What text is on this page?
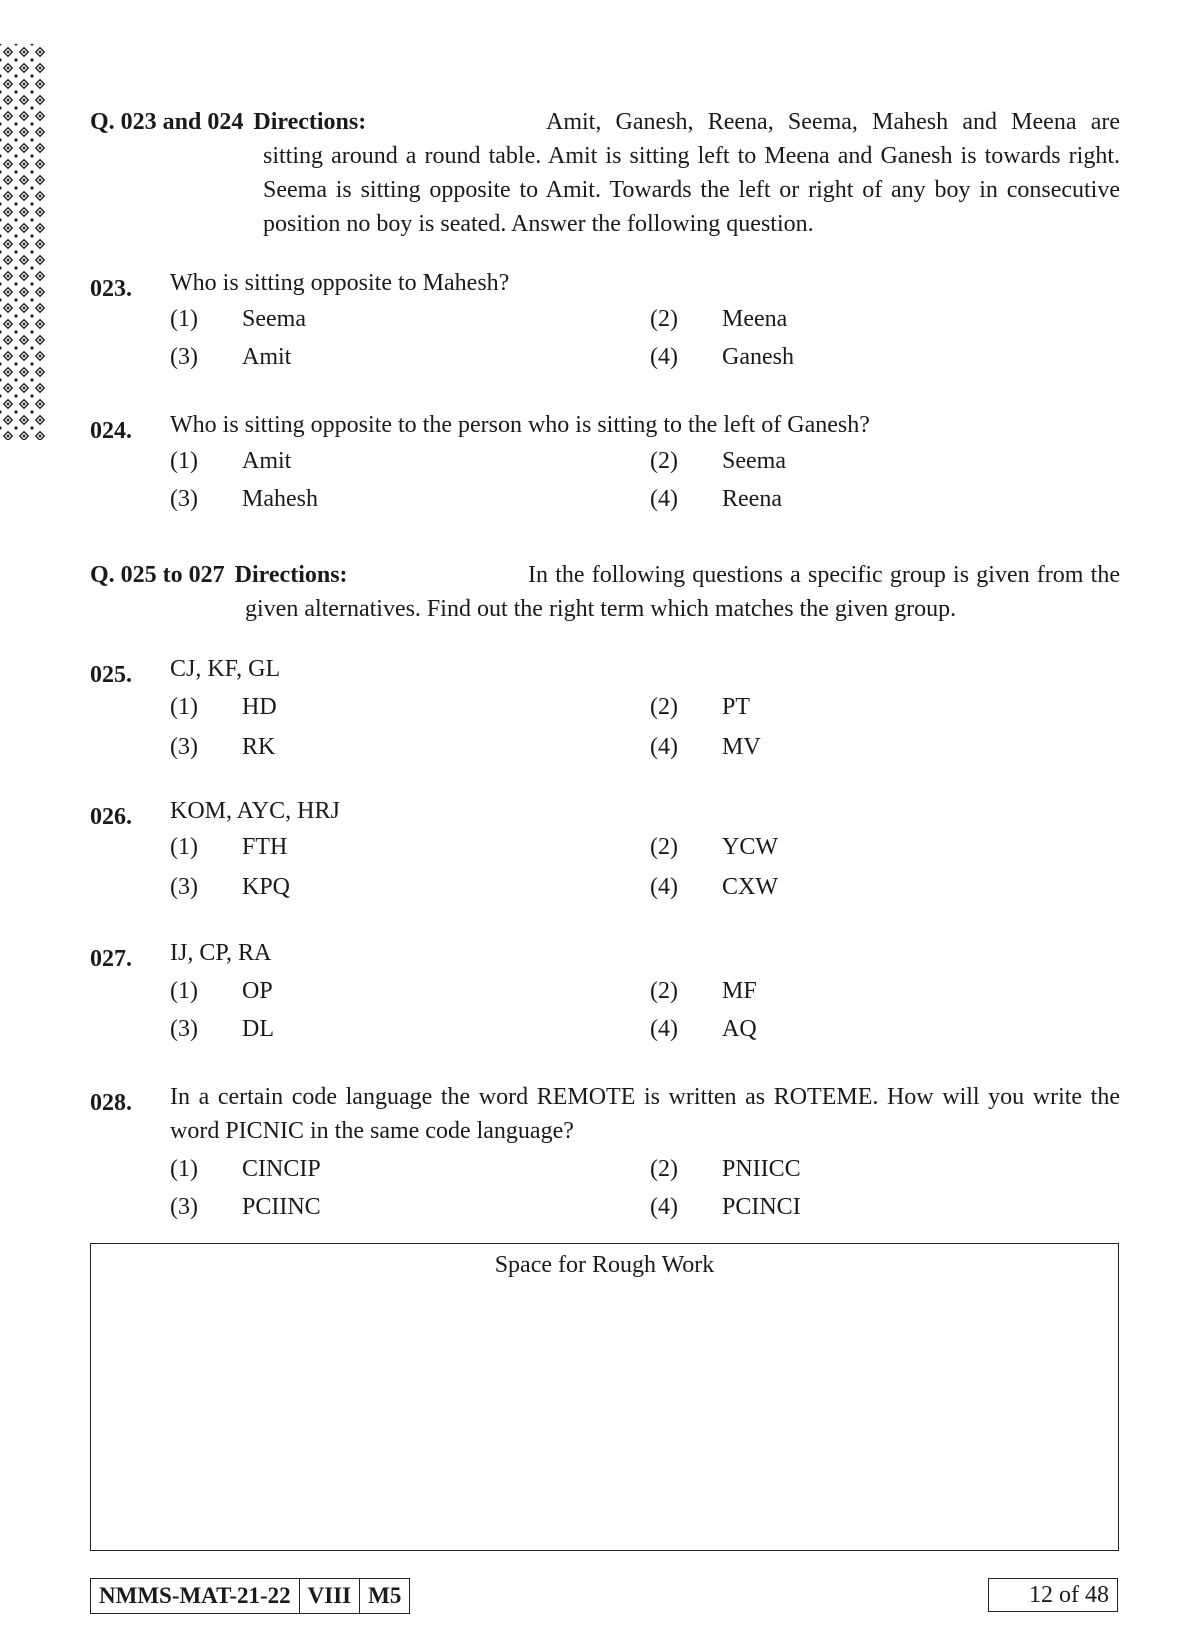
Q. 023 and 024 Directions:	Amit, Ganesh, Reena, Seema, Mahesh and Meena are sitting around a round table. Amit is sitting left to Meena and Ganesh is towards right. Seema is sitting opposite to Amit. Towards the left or right of any boy in consecutive position no boy is seated. Answer the following question.
023. Who is sitting opposite to Mahesh?
(1) Seema	(2) Meena
(3) Amit	(4) Ganesh
024. Who is sitting opposite to the person who is sitting to the left of Ganesh?
(1) Amit	(2) Seema
(3) Mahesh	(4) Reena
Q. 025 to 027 Directions:	In the following questions a specific group is given from the given alternatives. Find out the right term which matches the given group.
025. CJ, KF, GL
(1) HD	(2) PT
(3) RK	(4) MV
026. KOM, AYC, HRJ
(1) FTH	(2) YCW
(3) KPQ	(4) CXW
027. IJ, CP, RA
(1) OP	(2) MF
(3) DL	(4) AQ
028. In a certain code language the word REMOTE is written as ROTEME. How will you write the word PICNIC in the same code language?
(1) CINCIP	(2) PNIICC
(3) PCIINC	(4) PCINCI
Space for Rough Work
NMMS-MAT-21-22 VIII M5	12 of 48
